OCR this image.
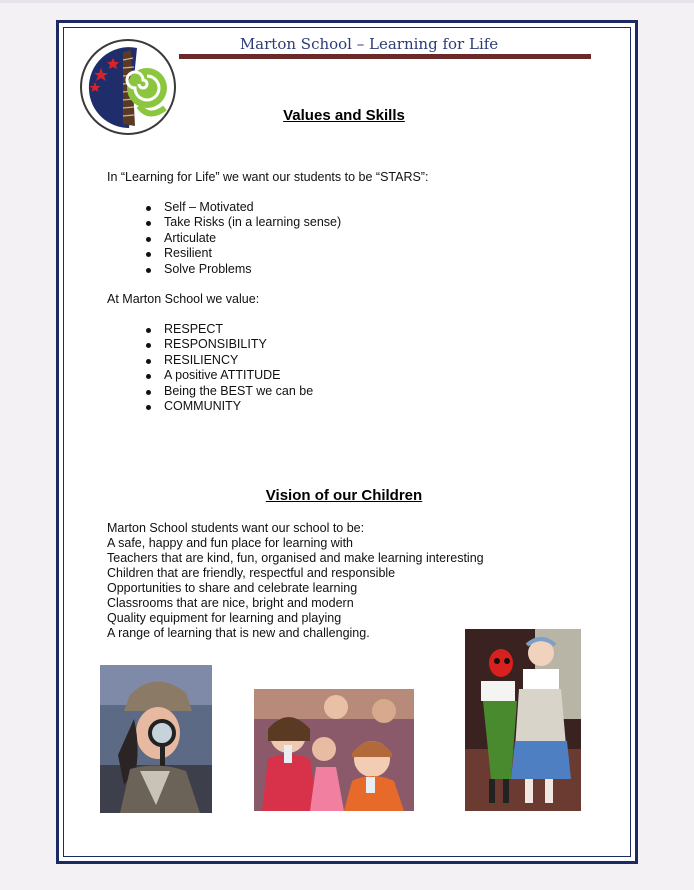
Marton School – Learning for Life
Values and Skills
In “Learning for Life” we want our students to be “STARS”:
Self – Motivated
Take Risks (in a learning sense)
Articulate
Resilient
Solve Problems
At Marton School we value:
RESPECT
RESPONSIBILITY
RESILIENCY
A positive ATTITUDE
Being the BEST we can be
COMMUNITY
Vision of our Children
Marton School students want our school to be:
A safe, happy and fun place for learning with
Teachers that are kind, fun, organised and make learning interesting
Children that are friendly, respectful and responsible
Opportunities to share and celebrate learning
Classrooms that are nice, bright and modern
Quality equipment for learning and playing
A range of learning that is new and challenging.
